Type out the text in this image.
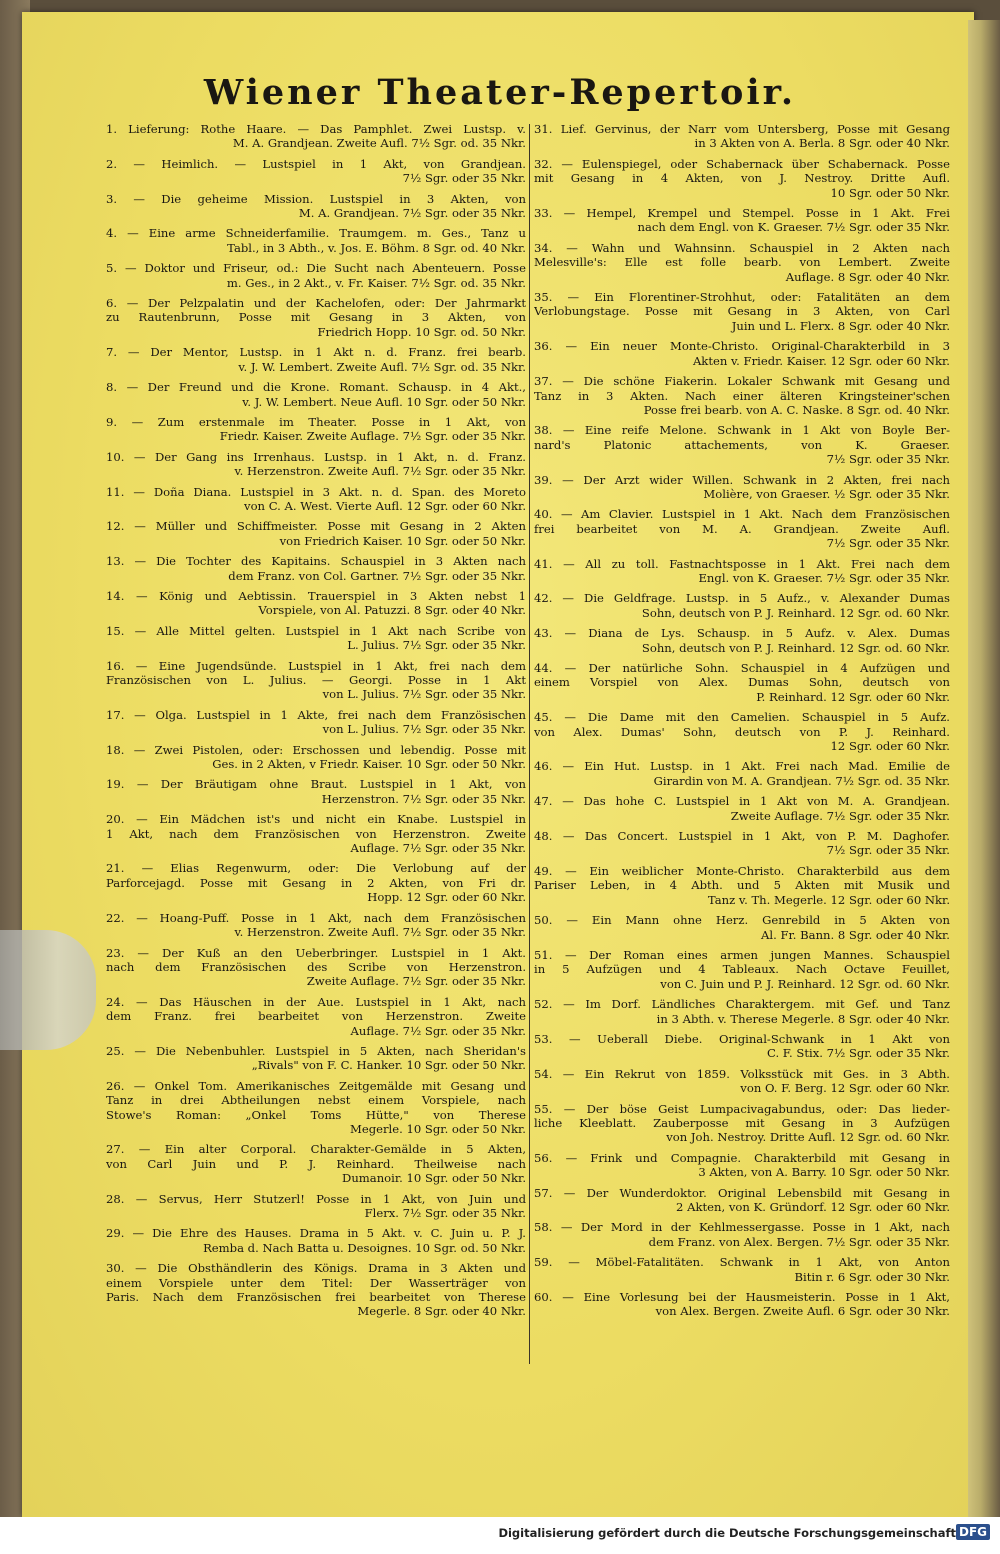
Wiener Theater-Repertoir.
1. Lieferung: Rothe Haare. — Das Pamphlet. Zwei Lustsp. v.
M. A. Grandjean. Zweite Aufl. 7½ Sgr. od. 35 Nkr.
2. — Heimlich. — Lustspiel in 1 Akt, von Grandjean.
7½ Sgr. oder 35 Nkr.
3. — Die geheime Mission. Lustspiel in 3 Akten, von
M. A. Grandjean. 7½ Sgr. oder 35 Nkr.
4. — Eine arme Schneiderfamilie. Traumgem. m. Ges., Tanz u
Tabl., in 3 Abth., v. Jos. E. Böhm. 8 Sgr. od. 40 Nkr.
5. — Doktor und Friseur, od.: Die Sucht nach Abenteuern. Posse
m. Ges., in 2 Akt., v. Fr. Kaiser. 7½ Sgr. od. 35 Nkr.
6. — Der Pelzpalatin und der Kachelofen, oder: Der Jahrmarkt
zu Rautenbrunn, Posse mit Gesang in 3 Akten, von
Friedrich Hopp. 10 Sgr. od. 50 Nkr.
7. — Der Mentor, Lustsp. in 1 Akt n. d. Franz. frei bearb.
v. J. W. Lembert. Zweite Aufl. 7½ Sgr. od. 35 Nkr.
8. — Der Freund und die Krone. Romant. Schausp. in 4 Akt.,
v. J. W. Lembert. Neue Aufl. 10 Sgr. oder 50 Nkr.
9. — Zum erstenmale im Theater. Posse in 1 Akt, von
Friedr. Kaiser. Zweite Auflage. 7½ Sgr. oder 35 Nkr.
10. — Der Gang ins Irrenhaus. Lustsp. in 1 Akt, n. d. Franz.
v. Herzenstron. Zweite Aufl. 7½ Sgr. oder 35 Nkr.
11. — Doña Diana. Lustspiel in 3 Akt. n. d. Span. des Moreto
von C. A. West. Vierte Aufl. 12 Sgr. oder 60 Nkr.
12. — Müller und Schiffmeister. Posse mit Gesang in 2 Akten
von Friedrich Kaiser. 10 Sgr. oder 50 Nkr.
13. — Die Tochter des Kapitains. Schauspiel in 3 Akten nach
dem Franz. von Col. Gartner. 7½ Sgr. oder 35 Nkr.
14. — König und Aebtissin. Trauerspiel in 3 Akten nebst 1
Vorspiele, von Al. Patuzzi. 8 Sgr. oder 40 Nkr.
15. — Alle Mittel gelten. Lustspiel in 1 Akt nach Scribe von
L. Julius. 7½ Sgr. oder 35 Nkr.
16. — Eine Jugendsünde. Lustspiel in 1 Akt, frei nach dem
Französischen von L. Julius. — Georgi. Posse in 1 Akt
von L. Julius. 7½ Sgr. oder 35 Nkr.
17. — Olga. Lustspiel in 1 Akte, frei nach dem Französischen
von L. Julius. 7½ Sgr. oder 35 Nkr.
18. — Zwei Pistolen, oder: Erschossen und lebendig. Posse mit
Ges. in 2 Akten, v Friedr. Kaiser. 10 Sgr. oder 50 Nkr.
19. — Der Bräutigam ohne Braut. Lustspiel in 1 Akt, von
Herzenstron. 7½ Sgr. oder 35 Nkr.
20. — Ein Mädchen ist's und nicht ein Knabe. Lustspiel in
1 Akt, nach dem Französischen von Herzenstron. Zweite
Auflage. 7½ Sgr. oder 35 Nkr.
21. — Elias Regenwurm, oder: Die Verlobung auf der
Parforcejagd. Posse mit Gesang in 2 Akten, von Fri dr.
Hopp. 12 Sgr. oder 60 Nkr.
22. — Hoang-Puff. Posse in 1 Akt, nach dem Französischen
v. Herzenstron. Zweite Aufl. 7½ Sgr. oder 35 Nkr.
23. — Der Kuß an den Ueberbringer. Lustspiel in 1 Akt.
nach dem Französischen des Scribe von Herzenstron.
Zweite Auflage. 7½ Sgr. oder 35 Nkr.
24. — Das Häuschen in der Aue. Lustspiel in 1 Akt, nach
dem Franz. frei bearbeitet von Herzenstron. Zweite
Auflage. 7½ Sgr. oder 35 Nkr.
25. — Die Nebenbuhler. Lustspiel in 5 Akten, nach Sheridan's
„Rivals" von F. C. Hanker. 10 Sgr. oder 50 Nkr.
26. — Onkel Tom. Amerikanisches Zeitgemälde mit Gesang und
Tanz in drei Abtheilungen nebst einem Vorspiele, nach
Stowe's Roman: „Onkel Toms Hütte," von Therese
Megerle. 10 Sgr. oder 50 Nkr.
27. — Ein alter Corporal. Charakter-Gemälde in 5 Akten,
von Carl Juin und P. J. Reinhard. Theilweise nach
Dumanoir. 10 Sgr. oder 50 Nkr.
28. — Servus, Herr Stutzerl! Posse in 1 Akt, von Juin und
Flerx. 7½ Sgr. oder 35 Nkr.
29. — Die Ehre des Hauses. Drama in 5 Akt. v. C. Juin u. P. J.
Remba d. Nach Batta u. Desoignes. 10 Sgr. od. 50 Nkr.
30. — Die Obsthändlerin des Königs. Drama in 3 Akten und
einem Vorspiele unter dem Titel: Der Wasserträger von
Paris. Nach dem Französischen frei bearbeitet von Therese
Megerle. 8 Sgr. oder 40 Nkr.
31. Lief. Gervinus, der Narr vom Untersberg, Posse mit Gesang
in 3 Akten von A. Berla. 8 Sgr. oder 40 Nkr.
32. — Eulenspiegel, oder Schabernack über Schabernack. Posse
mit Gesang in 4 Akten, von J. Nestroy. Dritte Aufl.
10 Sgr. oder 50 Nkr.
33. — Hempel, Krempel und Stempel. Posse in 1 Akt. Frei
nach dem Engl. von K. Graeser. 7½ Sgr. oder 35 Nkr.
34. — Wahn und Wahnsinn. Schauspiel in 2 Akten nach
Melesville's: Elle est folle bearb. von Lembert. Zweite
Auflage. 8 Sgr. oder 40 Nkr.
35. — Ein Florentiner-Strohhut, oder: Fatalitäten an dem
Verlobungstage. Posse mit Gesang in 3 Akten, von Carl
Juin und L. Flerx. 8 Sgr. oder 40 Nkr.
36. — Ein neuer Monte-Christo. Original-Charakterbild in 3
Akten v. Friedr. Kaiser. 12 Sgr. oder 60 Nkr.
37. — Die schöne Fiakerin. Lokaler Schwank mit Gesang und
Tanz in 3 Akten. Nach einer älteren Kringsteiner'schen
Posse frei bearb. von A. C. Naske. 8 Sgr. od. 40 Nkr.
38. — Eine reife Melone. Schwank in 1 Akt von Boyle Ber-
nard's Platonic attachements, von K. Graeser.
7½ Sgr. oder 35 Nkr.
39. — Der Arzt wider Willen. Schwank in 2 Akten, frei nach
Molière, von Graeser. ½ Sgr. oder 35 Nkr.
40. — Am Clavier. Lustspiel in 1 Akt. Nach dem Französischen
frei bearbeitet von M. A. Grandjean. Zweite Aufl.
7½ Sgr. oder 35 Nkr.
41. — All zu toll. Fastnachtsposse in 1 Akt. Frei nach dem
Engl. von K. Graeser. 7½ Sgr. oder 35 Nkr.
42. — Die Geldfrage. Lustsp. in 5 Aufz., v. Alexander Dumas
Sohn, deutsch von P. J. Reinhard. 12 Sgr. od. 60 Nkr.
43. — Diana de Lys. Schausp. in 5 Aufz. v. Alex. Dumas
Sohn, deutsch von P. J. Reinhard. 12 Sgr. od. 60 Nkr.
44. — Der natürliche Sohn. Schauspiel in 4 Aufzügen und
einem Vorspiel von Alex. Dumas Sohn, deutsch von
P. Reinhard. 12 Sgr. oder 60 Nkr.
45. — Die Dame mit den Camelien. Schauspiel in 5 Aufz.
von Alex. Dumas' Sohn, deutsch von P. J. Reinhard.
12 Sgr. oder 60 Nkr.
46. — Ein Hut. Lustsp. in 1 Akt. Frei nach Mad. Emilie de
Girardin von M. A. Grandjean. 7½ Sgr. od. 35 Nkr.
47. — Das hohe C. Lustspiel in 1 Akt von M. A. Grandjean.
Zweite Auflage. 7½ Sgr. oder 35 Nkr.
48. — Das Concert. Lustspiel in 1 Akt, von P. M. Daghofer.
7½ Sgr. oder 35 Nkr.
49. — Ein weiblicher Monte-Christo. Charakterbild aus dem
Pariser Leben, in 4 Abth. und 5 Akten mit Musik und
Tanz v. Th. Megerle. 12 Sgr. oder 60 Nkr.
50. — Ein Mann ohne Herz. Genrebild in 5 Akten von
Al. Fr. Bann. 8 Sgr. oder 40 Nkr.
51. — Der Roman eines armen jungen Mannes. Schauspiel
in 5 Aufzügen und 4 Tableaux. Nach Octave Feuillet,
von C. Juin und P. J. Reinhard. 12 Sgr. od. 60 Nkr.
52. — Im Dorf. Ländliches Charaktergem. mit Gef. und Tanz
in 3 Abth. v. Therese Megerle. 8 Sgr. oder 40 Nkr.
53. — Ueberall Diebe. Original-Schwank in 1 Akt von
C. F. Stix. 7½ Sgr. oder 35 Nkr.
54. — Ein Rekrut von 1859. Volksstück mit Ges. in 3 Abth.
von O. F. Berg. 12 Sgr. oder 60 Nkr.
55. — Der böse Geist Lumpacivagabundus, oder: Das lieder-
liche Kleeblatt. Zauberposse mit Gesang in 3 Aufzügen
von Joh. Nestroy. Dritte Aufl. 12 Sgr. od. 60 Nkr.
56. — Frink und Compagnie. Charakterbild mit Gesang in
3 Akten, von A. Barry. 10 Sgr. oder 50 Nkr.
57. — Der Wunderdoktor. Original Lebensbild mit Gesang in
2 Akten, von K. Gründorf. 12 Sgr. oder 60 Nkr.
58. — Der Mord in der Kehlmessergasse. Posse in 1 Akt, nach
dem Franz. von Alex. Bergen. 7½ Sgr. oder 35 Nkr.
59. — Möbel-Fatalitäten. Schwank in 1 Akt, von Anton
Bitin r. 6 Sgr. oder 30 Nkr.
60. — Eine Vorlesung bei der Hausmeisterin. Posse in 1 Akt,
von Alex. Bergen. Zweite Aufl. 6 Sgr. oder 30 Nkr.
Digitalisierung gefördert durch die Deutsche Forschungsgemeinschaft DFG
